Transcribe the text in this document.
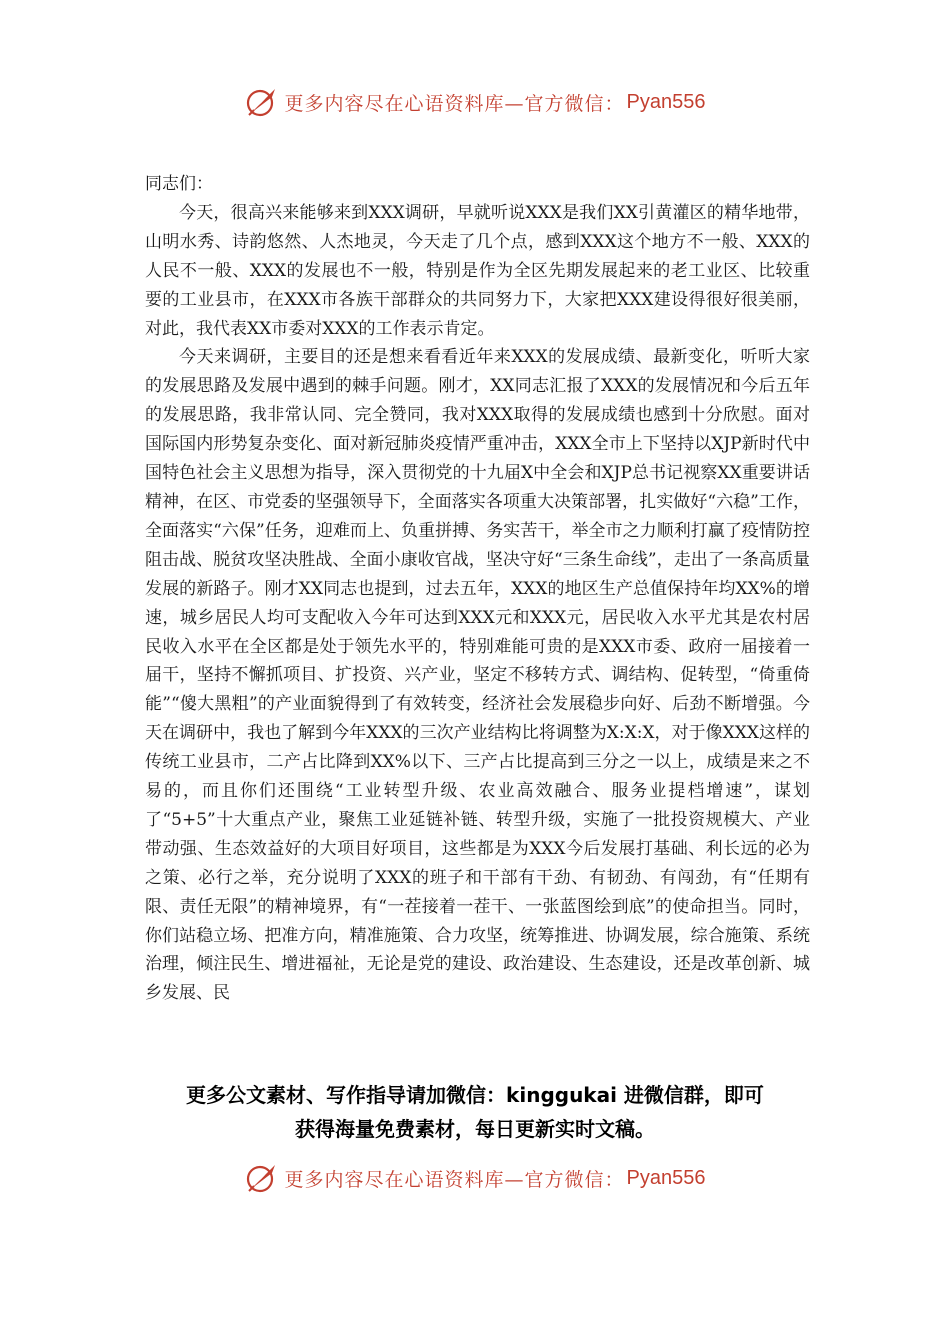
更多内容尽在心语资料库—官方微信： Pyan556

同志们：

今天，很高兴来能够来到XXX调研，早就听说XXX是我们XX引黄灌区的精华地带，山明水秀、诗韵悠然、人杰地灵，今天走了几个点，感到XXX这个地方不一般、XXX的人民不一般、XXX的发展也不一般，特别是作为全区先期发展起来的老工业区、比较重要的工业县市，在XXX市各族干部群众的共同努力下，大家把XXX建设得很好很美丽，对此，我代表XX市委对XXX的工作表示肯定。

今天来调研，主要目的还是想来看看近年来XXX的发展成绩、最新变化，听听大家的发展思路及发展中遇到的棘手问题。刚才，XX同志汇报了XXX的发展情况和今后五年的发展思路，我非常认同、完全赞同，我对XXX取得的发展成绩也感到十分欣慰。面对国际国内形势复杂变化、面对新冠肺炎疫情严重冲击，XXX全市上下坚持以XJP新时代中国特色社会主义思想为指导，深入贯彻党的十九届X中全会和XJP总书记视察XX重要讲话精神，在区、市党委的坚强领导下，全面落实各项重大决策部署，扎实做好“六稳”工作，全面落实“六保”任务，迎难而上、负重拼搏、务实苦干，举全市之力顺利打赢了疫情防控阻击战、脱贫攻坚决胜战、全面小康收官战，坚决守好“三条生命线”，走出了一条高质量发展的新路子。刚才XX同志也提到，过去五年，XXX的地区生产总值保持年均XX%的增速，城乡居民人均可支配收入今年可达到XXX元和XXX元，居民收入水平尤其是农村居民收入水平在全区都是处于领先水平的，特别难能可贵的是XXX市委、政府一届接着一届干，坚持不懈抓项目、扩投资、兴产业，坚定不移转方式、调结构、促转型，“倚重倚能”“傻大黑粗”的产业面貌得到了有效转变，经济社会发展稳步向好、后劲不断增强。今天在调研中，我也了解到今年XXX的三次产业结构比将调整为X:X:X，对于像XXX这样的传统工业县市，二产占比降到XX%以下、三产占比提高到三分之一以上，成绩是来之不易的，而且你们还围绕“工业转型升级、农业高效融合、服务业提档增速”，谋划了“5+5”十大重点产业，聚焦工业延链补链、转型升级，实施了一批投资规模大、产业带动强、生态效益好的大项目好项目，这些都是为XXX今后发展打基础、利长远的必为之策、必行之举，充分说明了XXX的班子和干部有干劲、有韧劲、有闯劲，有“任期有限、责任无限”的精神境界，有“一茬接着一茬干、一张蓝图绘到底”的使命担当。同时，你们站稳立场、把准方向，精准施策、合力攻坚，统筹推进、协调发展，综合施策、系统治理，倾注民生、增进福祉，无论是党的建设、政治建设、生态建设，还是改革创新、城乡发展、民

更多公文素材、写作指导请加微信：kinggukai 进微信群，即可
获得海量免费素材，每日更新实时文稿。
更多内容尽在心语资料库—官方微信： Pyan556
